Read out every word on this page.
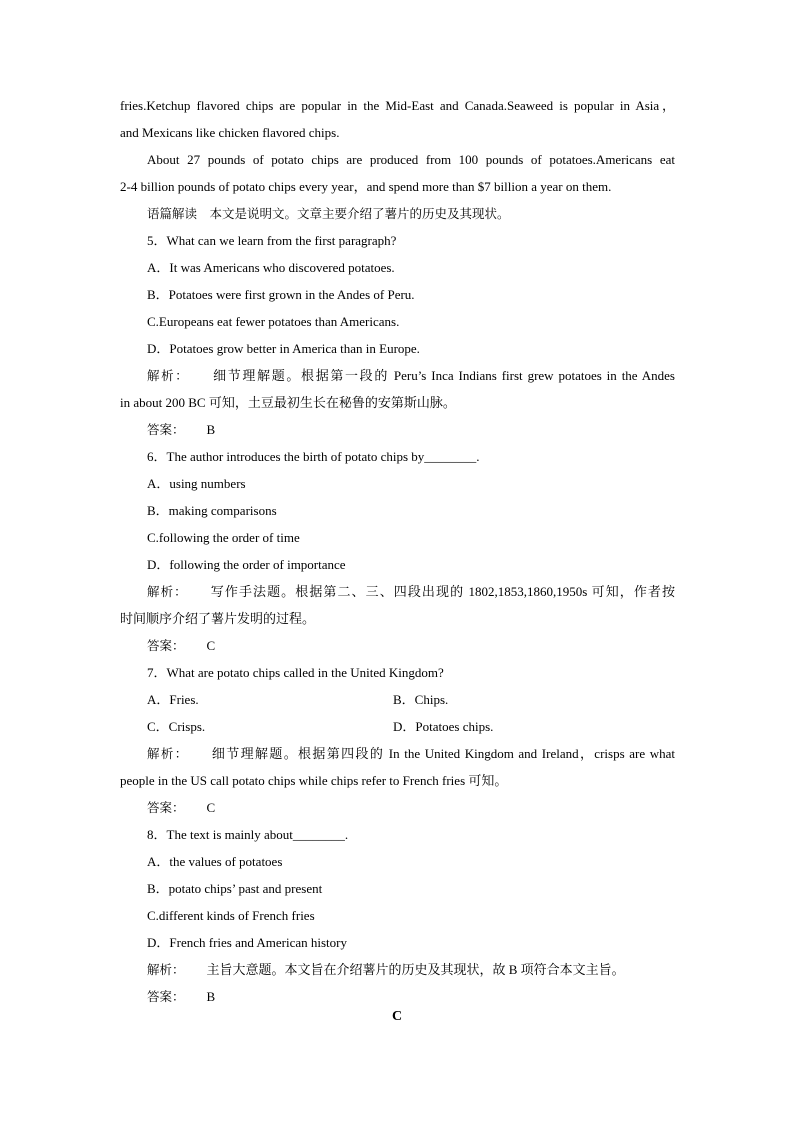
fries.Ketchup flavored chips are popular in the Mid-East and Canada.Seaweed is popular in Asia，
and Mexicans like chicken flavored chips.
About 27 pounds of potato chips are produced from 100 pounds of potatoes.Americans eat
2-4 billion pounds of potato chips every year，and spend more than $7 billion a year on them.
语篇解读　本文是说明文。文章主要介绍了薯片的历史及其现状。
5．What can we learn from the first paragraph?
A．It was Americans who discovered potatoes.
B．Potatoes were first grown in the Andes of Peru.
C.Europeans eat fewer potatoes than Americans.
D．Potatoes grow better in America than in Europe.
解析： 细节理解题。根据第一段的 Peru’s Inca Indians first grew potatoes in the Andes
in about 200 BC 可知，土豆最初生长在秘鲁的安第斯山脉。
答案： B
6．The author introduces the birth of potato chips by________.
A．using numbers
B．making comparisons
C.following the order of time
D．following the order of importance
解析： 写作手法题。根据第二、三、四段出现的 1802,1853,1860,1950s 可知，作者按
时间顺序介绍了薯片发明的过程。
答案： C
7．What are potato chips called in the United Kingdom?
A．Fries.	B．Chips.
C．Crisps.	D．Potatoes chips.
解析： 细节理解题。根据第四段的 In the United Kingdom and Ireland，crisps are what
people in the US call potato chips while chips refer to French fries 可知。
答案： C
8．The text is mainly about________.
A．the values of potatoes
B．potato chips’ past and present
C.different kinds of French fries
D．French fries and American history
解析： 主旨大意题。本文旨在介绍薯片的历史及其现状，故 B 项符合本文主旨。
答案： B
C
